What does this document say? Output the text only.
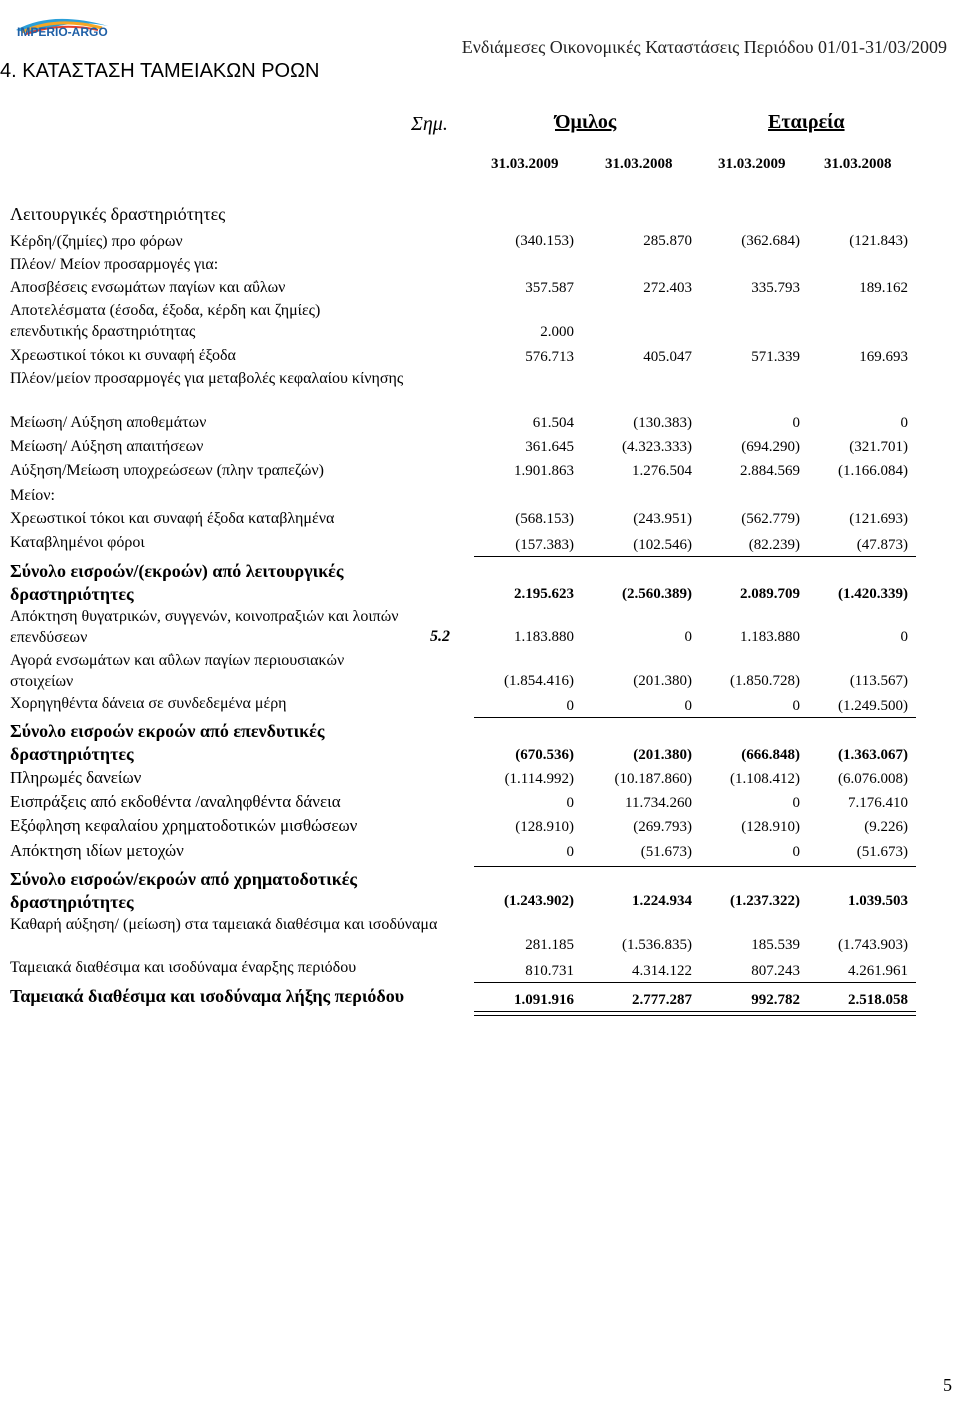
IMPERIO-ARGO
Ενδιάμεσες Οικονομικές Καταστάσεις Περιόδου 01/01-31/03/2009
4. ΚΑΤΑΣΤΑΣΗ ΤΑΜΕΙΑΚΩΝ ΡΟΩΝ
Σημ.	Όμιλος	Εταιρεία
31.03.2009	31.03.2008	31.03.2009	31.03.2008
Λειτουργικές δραστηριότητες
Κέρδη/(ζημίες) προ φόρων	(340.153)	285.870	(362.684)	(121.843)
Πλέον/ Μείον προσαρμογές για:
Αποσβέσεις ενσωμάτων παγίων και αΰλων	357.587	272.403	335.793	189.162
Αποτελέσματα (έσοδα, έξοδα, κέρδη και ζημίες) επενδυτικής δραστηριότητας	2.000
Χρεωστικοί τόκοι κι συναφή έξοδα	576.713	405.047	571.339	169.693
Πλέον/μείον προσαρμογές για μεταβολές κεφαλαίου κίνησης
Μείωση/ Αύξηση αποθεμάτων	61.504	(130.383)	0	0
Μείωση/ Αύξηση απαιτήσεων	361.645	(4.323.333)	(694.290)	(321.701)
Αύξηση/Μείωση υποχρεώσεων (πλην τραπεζών)	1.901.863	1.276.504	2.884.569	(1.166.084)
Μείον:
Χρεωστικοί τόκοι και συναφή έξοδα καταβλημένα	(568.153)	(243.951)	(562.779)	(121.693)
Καταβλημένοι φόροι	(157.383)	(102.546)	(82.239)	(47.873)
Σύνολο εισροών/(εκροών) από λειτουργικές δραστηριότητες	2.195.623	(2.560.389)	2.089.709	(1.420.339)
Απόκτηση θυγατρικών, συγγενών, κοινοπραξιών και λοιπών επενδύσεων	5.2	1.183.880	0	1.183.880	0
Αγορά ενσωμάτων και αΰλων παγίων περιουσιακών στοιχείων	(1.854.416)	(201.380)	(1.850.728)	(113.567)
Χορηγηθέντα δάνεια σε συνδεδεμένα μέρη	0	0	0	(1.249.500)
Σύνολο εισροών εκροών από επενδυτικές δραστηριότητες	(670.536)	(201.380)	(666.848)	(1.363.067)
Πληρωμές δανείων	(1.114.992)	(10.187.860)	(1.108.412)	(6.076.008)
Εισπράξεις από εκδοθέντα /αναληφθέντα δάνεια	0	11.734.260	0	7.176.410
Εξόφληση κεφαλαίου χρηματοδοτικών μισθώσεων	(128.910)	(269.793)	(128.910)	(9.226)
Απόκτηση ιδίων μετοχών	0	(51.673)	0	(51.673)
Σύνολο εισροών/εκροών από χρηματοδοτικές δραστηριότητες	(1.243.902)	1.224.934	(1.237.322)	1.039.503
Καθαρή αύξηση/ (μείωση) στα ταμειακά διαθέσιμα και ισοδύναμα
281.185	(1.536.835)	185.539	(1.743.903)
Ταμειακά διαθέσιμα και ισοδύναμα έναρξης περιόδου	810.731	4.314.122	807.243	4.261.961
Ταμειακά διαθέσιμα και ισοδύναμα λήξης περιόδου	1.091.916	2.777.287	992.782	2.518.058
5
